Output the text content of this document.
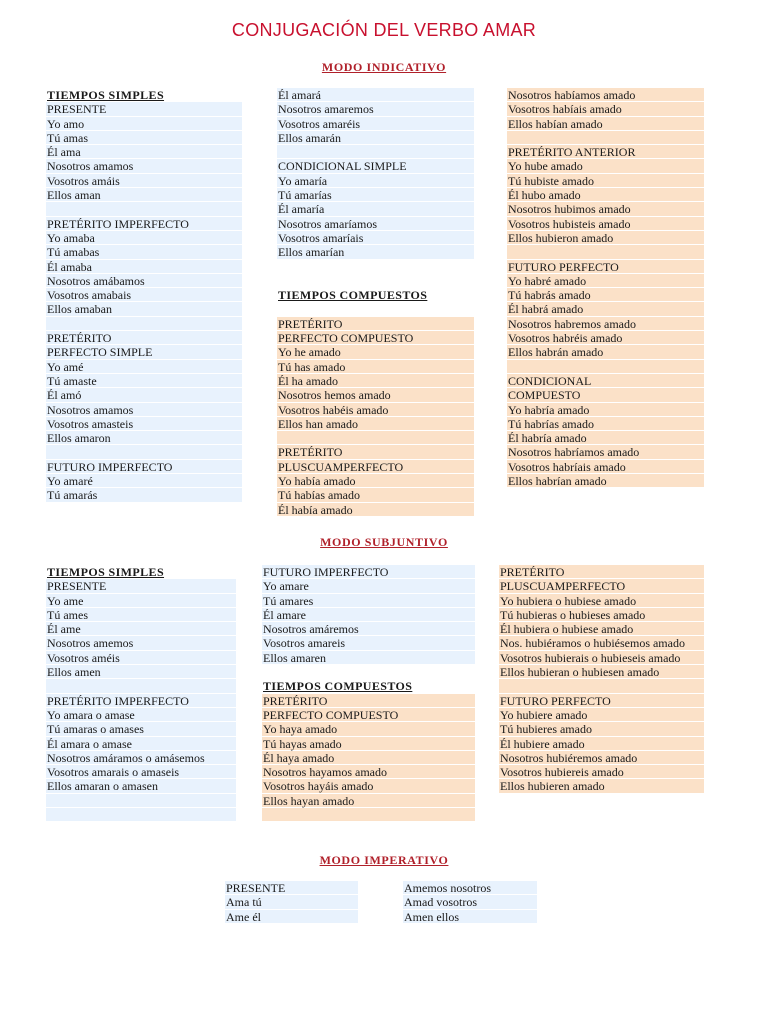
CONJUGACIÓN DEL VERBO AMAR
MODO INDICATIVO
TIEMPOS SIMPLES
PRESENTE
Yo amo
Tú amas
Él ama
Nosotros amamos
Vosotros amáis
Ellos aman
PRETÉRITO IMPERFECTO
Yo amaba
Tú amabas
Él amaba
Nosotros amábamos
Vosotros amabais
Ellos amaban
PRETÉRITO
PERFECTO SIMPLE
Yo amé
Tú amaste
Él amó
Nosotros amamos
Vosotros amasteis
Ellos amaron
FUTURO IMPERFECTO
Yo amaré
Tú amarás
Él amará
Nosotros amaremos
Vosotros amaréis
Ellos amarán
CONDICIONAL SIMPLE
Yo amaría
Tú amarías
Él amaría
Nosotros amaríamos
Vosotros amaríais
Ellos amarían
TIEMPOS COMPUESTOS
PRETÉRITO
PERFECTO COMPUESTO
Yo he amado
Tú has amado
Él ha amado
Nosotros hemos amado
Vosotros habéis amado
Ellos han amado
PRETÉRITO
PLUSCUAMPERFECTO
Yo había amado
Tú habías amado
Él había amado
Nosotros habíamos amado
Vosotros habíais amado
Ellos habían amado
PRETÉRITO ANTERIOR
Yo hube amado
Tú hubiste amado
Él hubo amado
Nosotros hubimos amado
Vosotros hubisteis amado
Ellos hubieron amado
FUTURO PERFECTO
Yo habré amado
Tú habrás amado
Él habrá amado
Nosotros habremos amado
Vosotros habréis amado
Ellos habrán amado
CONDICIONAL
COMPUESTO
Yo habría amado
Tú habrías amado
Él habría amado
Nosotros habríamos amado
Vosotros habríais amado
Ellos habrían amado
MODO SUBJUNTIVO
TIEMPOS SIMPLES
PRESENTE
Yo ame
Tú ames
Él ame
Nosotros amemos
Vosotros améis
Ellos amen
PRETÉRITO IMPERFECTO
Yo amara o amase
Tú amaras o amases
Él amara o amase
Nosotros amáramos o amásemos
Vosotros amarais o amaseis
Ellos amaran o amasen
FUTURO IMPERFECTO
Yo amare
Tú amares
Él amare
Nosotros amáremos
Vosotros amareis
Ellos amaren
TIEMPOS COMPUESTOS
PRETÉRITO
PERFECTO COMPUESTO
Yo haya amado
Tú hayas amado
Él haya amado
Nosotros hayamos amado
Vosotros hayáis amado
Ellos hayan amado
PRETÉRITO
PLUSCUAMPERFECTO
Yo hubiera o hubiese amado
Tú hubieras o hubieses amado
Él hubiera o hubiese amado
Nos. hubiéramos o hubiésemos amado
Vosotros hubierais o hubieseis amado
Ellos hubieran o hubiesen amado
FUTURO PERFECTO
Yo hubiere amado
Tú hubieres amado
Él hubiere amado
Nosotros hubiéremos amado
Vosotros hubiereis amado
Ellos hubieren amado
MODO IMPERATIVO
PRESENTE
Ama tú
Ame él
Amemos nosotros
Amad vosotros
Amen ellos
